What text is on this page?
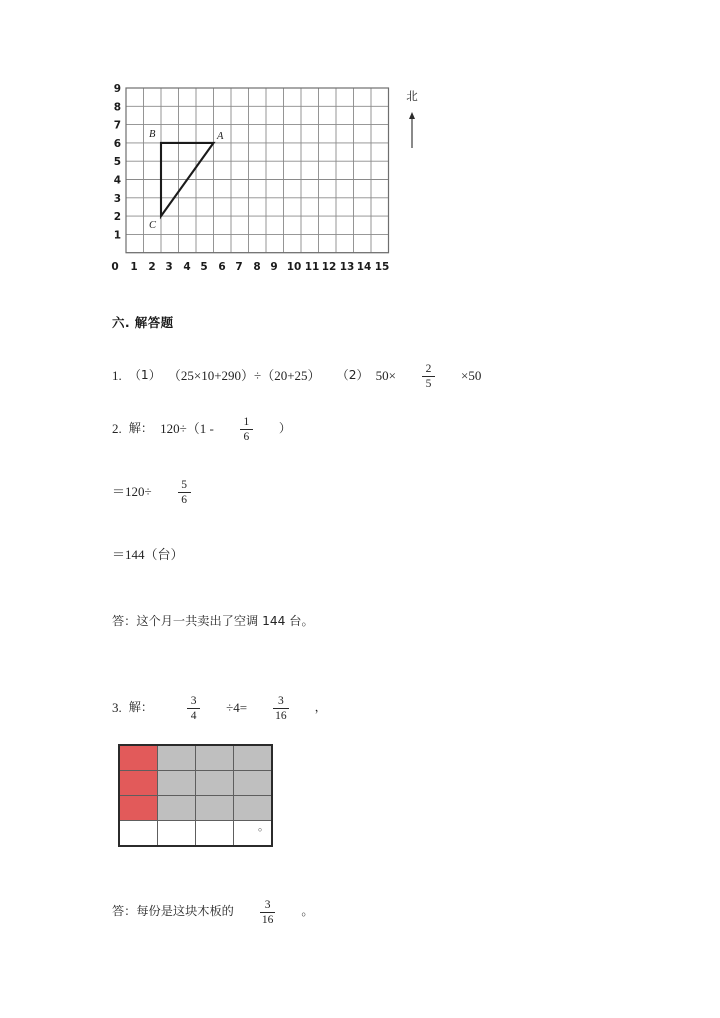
A
B
C
9
8
7
6
5
4
3
2
1
0 1 2 3 4 5 6 7 8 9 10 11 12 13 14 15
北
六. 解答题
1. （1） （25×10+290）÷（20+25） （2） $50\times \frac{2}{5} \times 50$
2. 解： $120\div(1 - \frac{1}{6}$ ）
$=120\div \frac{5}{6}$
＝144（台）
答：这个月一共卖出了空调 144 台。
3. 解：	$\frac{3}{4} \div 4= \frac{3}{16}$ ，

。
答：每份是这块木板的 $\frac{3}{16}$ 。
